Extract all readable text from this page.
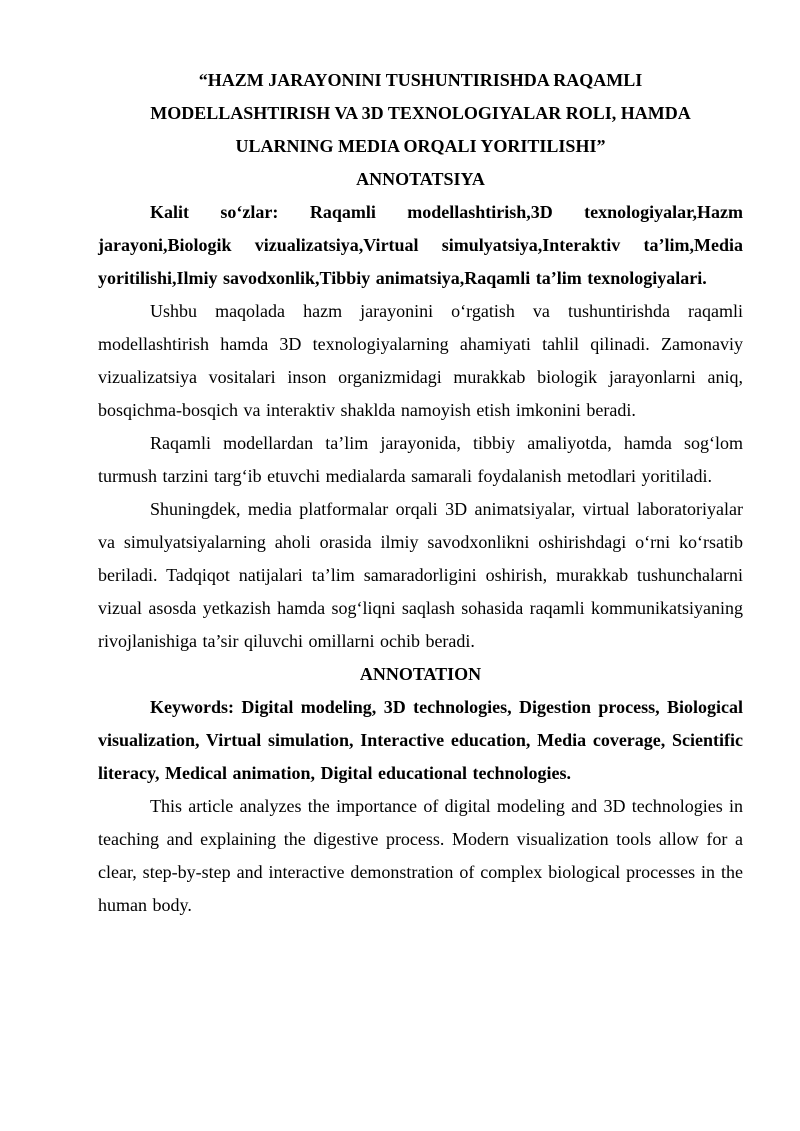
“HAZM JARAYONINI TUSHUNTIRISHDA RAQAMLI
MODELLASHTIRISH VA 3D TEXNOLOGIYALAR ROLI, HAMDA
ULARNING MEDIA ORQALI YORITILISHI”
ANNOTATSIYA

Kalit so‘zlar: Raqamli modellashtirish,3D texnologiyalar,Hazm jarayoni,Biologik vizualizatsiya,Virtual simulyatsiya,Interaktiv ta’lim,Media yoritilishi,Ilmiy savodxonlik,Tibbiy animatsiya,Raqamli ta’lim texnologiyalari.

Ushbu maqolada hazm jarayonini o‘rgatish va tushuntirishda raqamli modellashtirish hamda 3D texnologiyalarning ahamiyati tahlil qilinadi. Zamonaviy vizualizatsiya vositalari inson organizmidagi murakkab biologik jarayonlarni aniq, bosqichma-bosqich va interaktiv shaklda namoyish etish imkonini beradi.

Raqamli modellardan ta’lim jarayonida, tibbiy amaliyotda, hamda sog‘lom turmush tarzini targ‘ib etuvchi medialarda samarali foydalanish metodlari yoritiladi.

Shuningdek, media platformalar orqali 3D animatsiyalar, virtual laboratoriyalar va simulyatsiyalarning aholi orasida ilmiy savodxonlikni oshirishdagi o‘rni ko‘rsatib beriladi. Tadqiqot natijalari ta’lim samaradorligini oshirish, murakkab tushunchalarni vizual asosda yetkazish hamda sog‘liqni saqlash sohasida raqamli kommunikatsiyaning rivojlanishiga ta’sir qiluvchi omillarni ochib beradi.

ANNOTATION

Keywords: Digital modeling, 3D technologies, Digestion process, Biological visualization, Virtual simulation, Interactive education, Media coverage, Scientific literacy, Medical animation, Digital educational technologies.

This article analyzes the importance of digital modeling and 3D technologies in teaching and explaining the digestive process. Modern visualization tools allow for a clear, step-by-step and interactive demonstration of complex biological processes in the human body.
